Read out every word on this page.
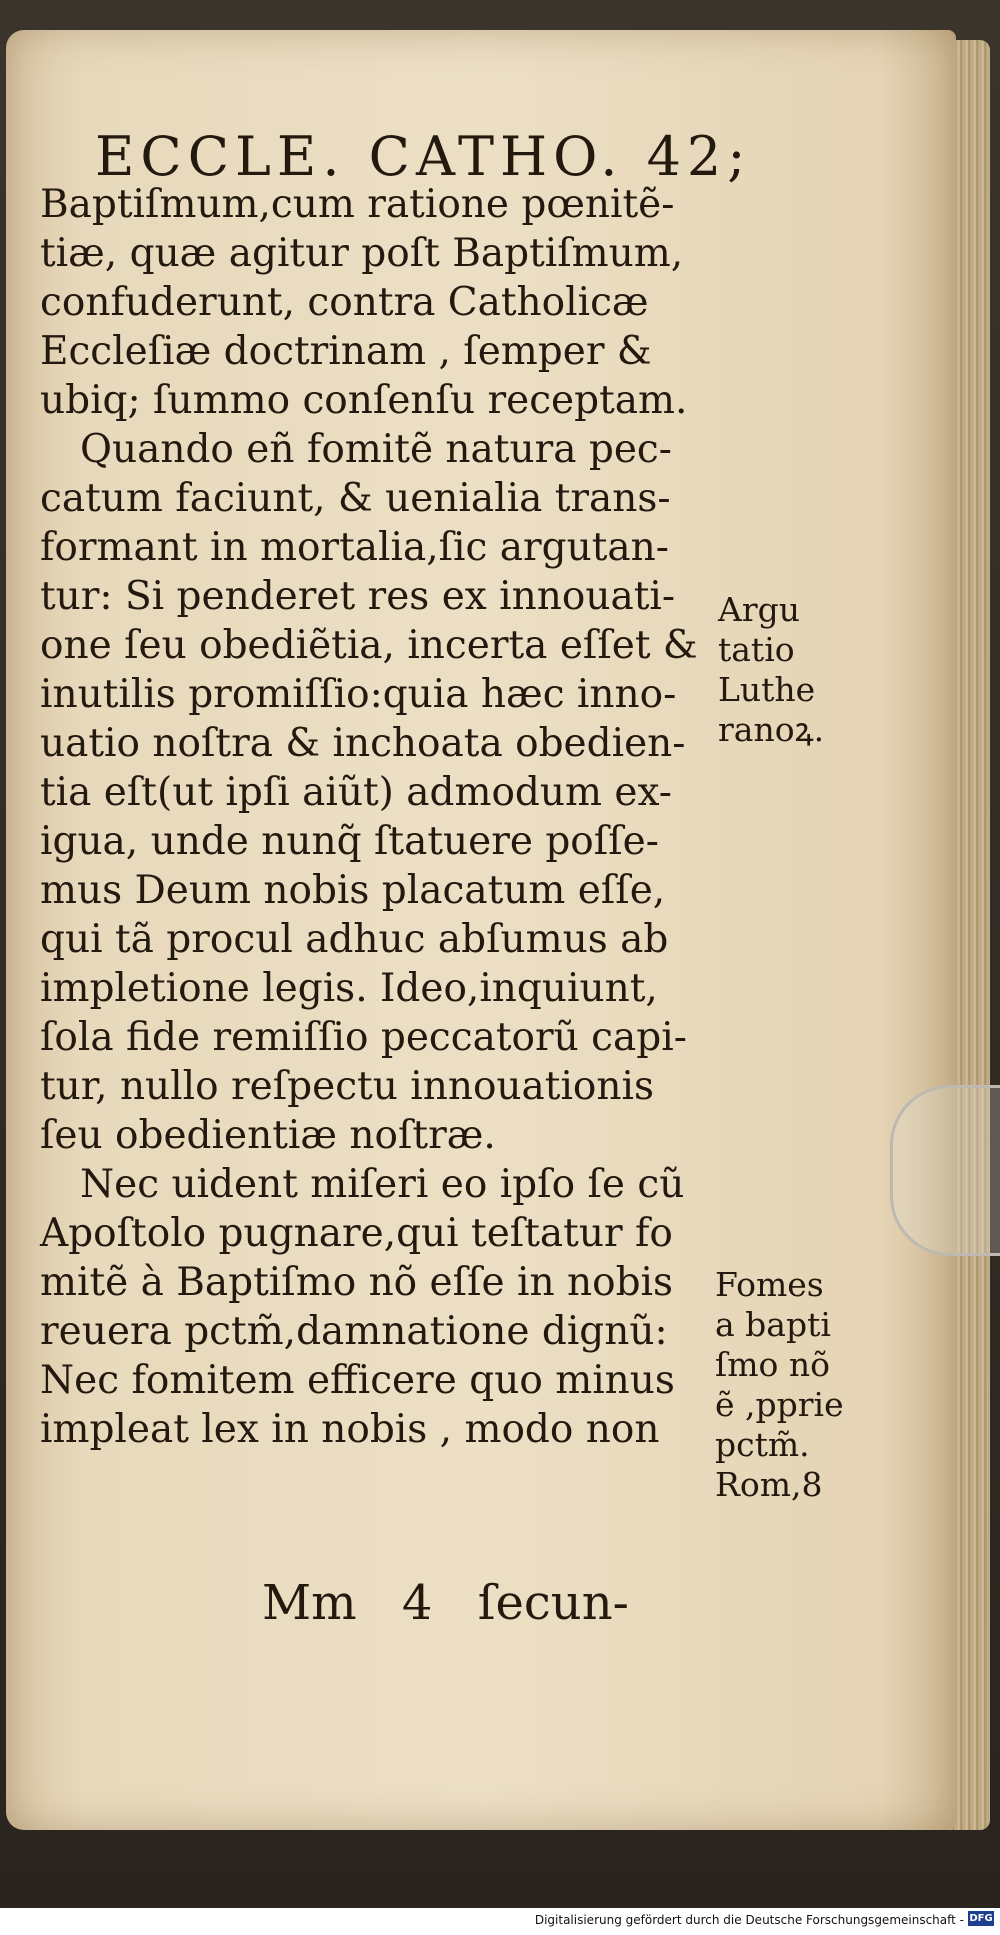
ECCLE. CATHO. 42;
Baptiſmum,cum ratione pœnitẽ-
tiæ, quæ agitur poſt Baptiſmum,
confuderunt, contra Catholicæ
Eccleſiæ doctrinam , ſemper &
ubiq; ſummo conſenſu receptam.
Quando eñ fomitẽ natura pec-
catum faciunt, & uenialia trans-
formant in mortalia,ſic argutan-
tur: Si penderet res ex innouati-
one ſeu obediẽtia, incerta eſſet &
inutilis promiſſio:quia hæc inno-
uatio noſtra & inchoata obedien-
tia eſt(ut ipſi aiũt) admodum ex-
igua, unde nunq̃ ſtatuere poſſe-
mus Deum nobis placatum eſſe,
qui tã procul adhuc abſumus ab
impletione legis. Ideo,inquiunt,
ſola fide remiſſio peccatorũ capi-
tur, nullo reſpectu innouationis
ſeu obedientiæ noſtræ.
Nec uident miſeri eo ipſo ſe cũ
Apoſtolo pugnare,qui teſtatur fo
mitẽ à Baptiſmo nõ eſſe in nobis
reuera pctm̃,damnatione dignũ:
Nec fomitem efficere quo minus
impleat lex in nobis , modo non
Argu
tatio
Luthe
ranoꝝ.
Fomes
a bapti
ſmo nõ
ẽ ,pprie
pctm̃.
Rom,8
Mm 4 ſecun-
Digitalisierung gefördert durch die Deutsche Forschungsgemeinschaft - DFG
